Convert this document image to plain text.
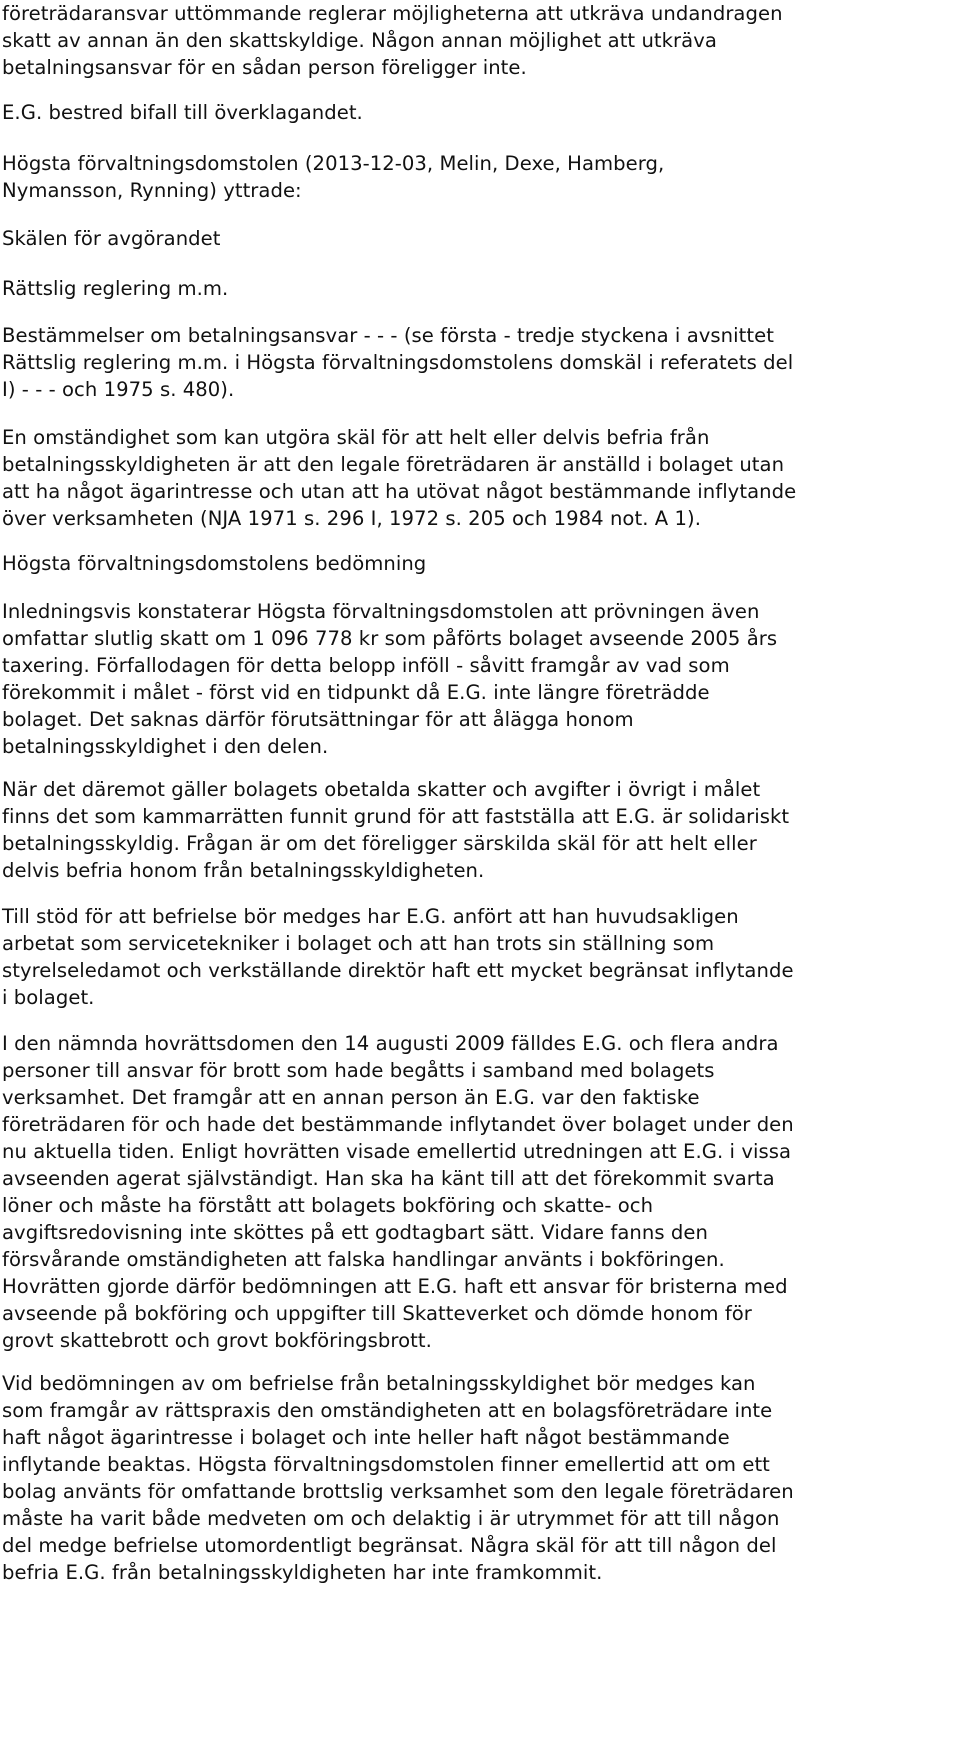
företrädaransvar uttömmande reglerar möjligheterna att utkräva undandragen
skatt av annan än den skattskyldige. Någon annan möjlighet att utkräva
betalningsansvar för en sådan person föreligger inte.
E.G. bestred bifall till överklagandet.
Högsta förvaltningsdomstolen (2013-12-03, Melin, Dexe, Hamberg,
Nymansson, Rynning) yttrade:
Skälen för avgörandet
Rättslig reglering m.m.
Bestämmelser om betalningsansvar - - - (se första - tredje styckena i avsnittet
Rättslig reglering m.m. i Högsta förvaltningsdomstolens domskäl i referatets del
I) - - - och 1975 s. 480).
En omständighet som kan utgöra skäl för att helt eller delvis befria från
betalningsskyldigheten är att den legale företrädaren är anställd i bolaget utan
att ha något ägarintresse och utan att ha utövat något bestämmande inflytande
över verksamheten (NJA 1971 s. 296 I, 1972 s. 205 och 1984 not. A 1).
Högsta förvaltningsdomstolens bedömning
Inledningsvis konstaterar Högsta förvaltningsdomstolen att prövningen även
omfattar slutlig skatt om 1 096 778 kr som påförts bolaget avseende 2005 års
taxering. Förfallodagen för detta belopp inföll - såvitt framgår av vad som
förekommit i målet - först vid en tidpunkt då E.G. inte längre företrädde
bolaget. Det saknas därför förutsättningar för att ålägga honom
betalningsskyldighet i den delen.
När det däremot gäller bolagets obetalda skatter och avgifter i övrigt i målet
finns det som kammarrätten funnit grund för att fastställa att E.G. är solidariskt
betalningsskyldig. Frågan är om det föreligger särskilda skäl för att helt eller
delvis befria honom från betalningsskyldigheten.
Till stöd för att befrielse bör medges har E.G. anfört att han huvudsakligen
arbetat som servicetekniker i bolaget och att han trots sin ställning som
styrelseledamot och verkställande direktör haft ett mycket begränsat inflytande
i bolaget.
I den nämnda hovrättsdomen den 14 augusti 2009 fälldes E.G. och flera andra
personer till ansvar för brott som hade begåtts i samband med bolagets
verksamhet. Det framgår att en annan person än E.G. var den faktiske
företrädaren för och hade det bestämmande inflytandet över bolaget under den
nu aktuella tiden. Enligt hovrätten visade emellertid utredningen att E.G. i vissa
avseenden agerat självständigt. Han ska ha känt till att det förekommit svarta
löner och måste ha förstått att bolagets bokföring och skatte- och
avgiftsredovisning inte sköttes på ett godtagbart sätt. Vidare fanns den
försvårande omständigheten att falska handlingar använts i bokföringen.
Hovrätten gjorde därför bedömningen att E.G. haft ett ansvar för bristerna med
avseende på bokföring och uppgifter till Skatteverket och dömde honom för
grovt skattebrott och grovt bokföringsbrott.
Vid bedömningen av om befrielse från betalningsskyldighet bör medges kan
som framgår av rättspraxis den omständigheten att en bolagsföreträdare inte
haft något ägarintresse i bolaget och inte heller haft något bestämmande
inflytande beaktas. Högsta förvaltningsdomstolen finner emellertid att om ett
bolag använts för omfattande brottslig verksamhet som den legale företrädaren
måste ha varit både medveten om och delaktig i är utrymmet för att till någon
del medge befrielse utomordentligt begränsat. Några skäl för att till någon del
befria E.G. från betalningsskyldigheten har inte framkommit.
